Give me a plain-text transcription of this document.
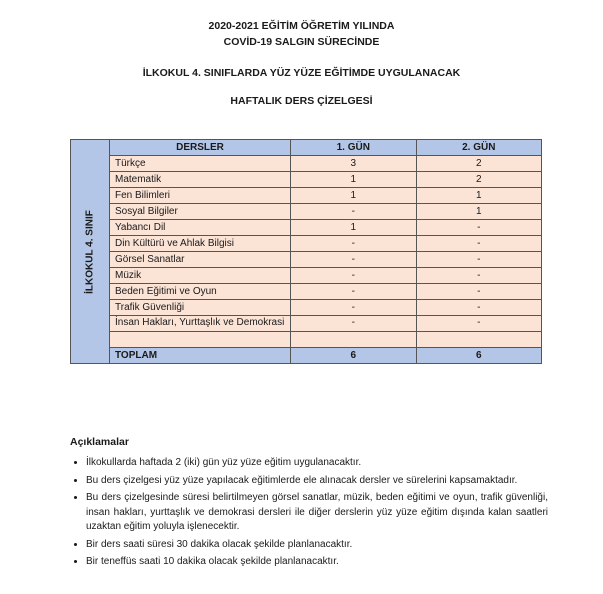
2020-2021 EĞİTİM ÖĞRETİM YILINDA
COVİD-19 SALGIN SÜRECİNDE
İLKOKUL 4. SINIFLARDA YÜZ YÜZE EĞİTİMDE UYGULANACAK
HAFTALIK DERS ÇİZELGESİ
İLKOKUL 4. SINIF	DERSLER	1. GÜN	2. GÜN
	Türkçe	3	2
	Matematik	1	2
	Fen Bilimleri	1	1
	Sosyal Bilgiler	-	1
	Yabancı Dil	1	-
	Din Kültürü ve Ahlak Bilgisi	-	-
	Görsel Sanatlar	-	-
	Müzik	-	-
	Beden Eğitimi ve Oyun	-	-
	Trafik Güvenliği	-	-
	İnsan Hakları, Yurttaşlık ve Demokrasi	-	-

	TOPLAM	6	6
Açıklamalar
• İlkokullarda haftada 2 (iki) gün yüz yüze eğitim uygulanacaktır.
• Bu ders çizelgesi yüz yüze yapılacak eğitimlerde ele alınacak dersler ve sürelerini kapsamaktadır.
• Bu ders çizelgesinde süresi belirtilmeyen görsel sanatlar, müzik, beden eğitimi ve oyun, trafik güvenliği, insan hakları, yurttaşlık ve demokrasi dersleri ile diğer derslerin yüz yüze eğitim dışında kalan saatleri uzaktan eğitim yoluyla işlenecektir.
• Bir ders saati süresi 30 dakika olacak şekilde planlanacaktır.
• Bir teneffüs saati 10 dakika olacak şekilde planlanacaktır.
